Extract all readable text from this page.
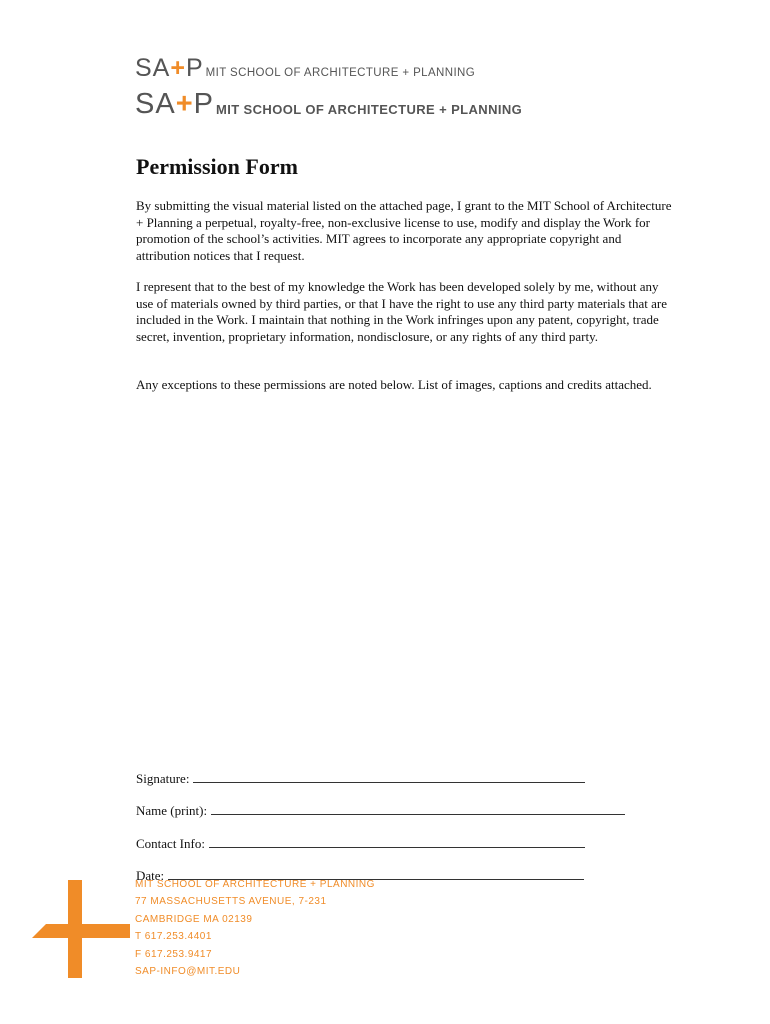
SA+P MIT SCHOOL OF ARCHITECTURE + PLANNING
SA+P MIT SCHOOL OF ARCHITECTURE + PLANNING
Permission Form

By submitting the visual material listed on the attached page, I grant to the MIT School of Architecture + Planning a perpetual, royalty-free, non-exclusive license to use, modify and display the Work for promotion of the school’s activities. MIT agrees to incorporate any appropriate copyright and attribution notices that I request.

I represent that to the best of my knowledge the Work has been developed solely by me, without any use of materials owned by third parties, or that I have the right to use any third party materials that are included in the Work. I maintain that nothing in the Work infringes upon any patent, copyright, trade secret, invention, proprietary information, nondisclosure, or any rights of any third party.

Any exceptions to these permissions are noted below. List of images, captions and credits attached.

Signature:
Name (print):
Contact Info:
Date:
MIT SCHOOL OF ARCHITECTURE + PLANNING
77 MASSACHUSETTS AVENUE, 7-231
CAMBRIDGE MA 02139
T 617.253.4401
F 617.253.9417
SAP-INFO@MIT.EDU
